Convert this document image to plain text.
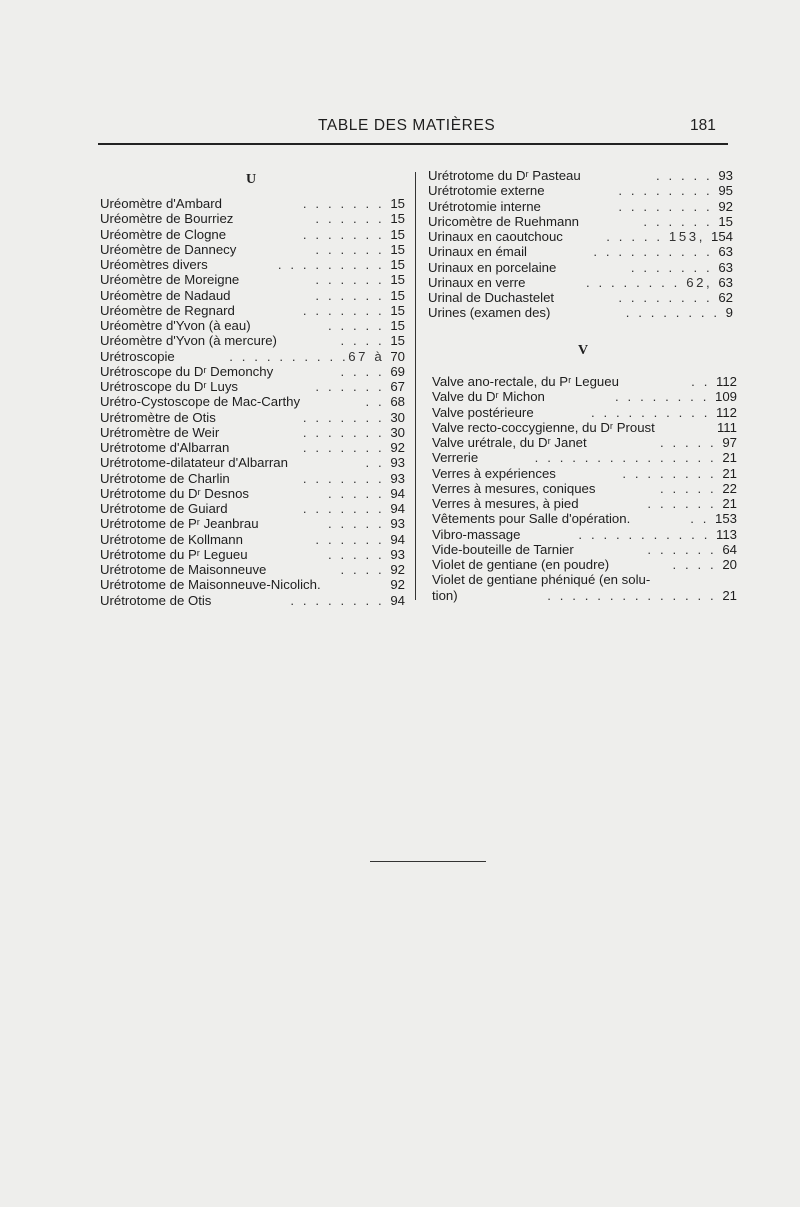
TABLE DES MATIÈRES	181
U
Uréomètre d'Ambard	. . . . . . . 15
Uréomètre de Bourriez	. . . . . . 15
Uréomètre de Clogne	. . . . . . . 15
Uréomètre de Dannecy	. . . . . . 15
Uréomètres divers	. . . . . . . . . 15
Uréomètre de Moreigne	. . . . . . 15
Uréomètre de Nadaud	. . . . . . 15
Uréomètre de Regnard	. . . . . . . 15
Uréomètre d'Yvon (à eau)	. . . . . 15
Uréomètre d'Yvon (à mercure)	. . . . 15
Urétroscopie	. . . . . . . . . .67 à 70
Urétroscope du Dʳ Demonchy	. . . . 69
Urétroscope du Dʳ Luys	. . . . . . 67
Urétro-Cystoscope de Mac-Carthy	. . 68
Urétromètre de Otis	. . . . . . . 30
Urétromètre de Weir	. . . . . . . 30
Urétrotome d'Albarran	. . . . . . . 92
Urétrotome-dilatateur d'Albarran	. . 93
Urétrotome de Charlin	. . . . . . . 93
Urétrotome du Dʳ Desnos	. . . . . 94
Urétrotome de Guiard	. . . . . . . 94
Urétrotome de Pʳ Jeanbrau	. . . . . 93
Urétrotome de Kollmann	. . . . . . 94
Urétrotome du Pʳ Legueu	. . . . . 93
Urétrotome de Maisonneuve	. . . . 92
Urétrotome de Maisonneuve-Nicolich.	92
Urétrotome de Otis	. . . . . . . . 94
Urétrotome du Dʳ Pasteau	. . . . . 93
Urétrotomie externe	. . . . . . . . 95
Urétrotomie interne	. . . . . . . . 92
Uricomètre de Ruehmann	. . . . . . 15
Urinaux en caoutchouc	. . . . . 153, 154
Urinaux en émail	. . . . . . . . . . 63
Urinaux en porcelaine	. . . . . . . 63
Urinaux en verre	. . . . . . . . 62, 63
Urinal de Duchastelet	. . . . . . . . 62
Urines (examen des)	. . . . . . . . 9
V
Valve ano-rectale, du Pʳ Legueu	. . 112
Valve du Dʳ Michon	. . . . . . . . 109
Valve postérieure	. . . . . . . . . . 112
Valve recto-coccygienne, du Dʳ Proust	111
Valve urétrale, du Dʳ Janet	. . . . . 97
Verrerie	. . . . . . . . . . . . . . . 21
Verres à expériences	. . . . . . . . 21
Verres à mesures, coniques	. . . . . 22
Verres à mesures, à pied	. . . . . . 21
Vêtements pour Salle d'opération.	. . 153
Vibro-massage	. . . . . . . . . . . 113
Vide-bouteille de Tarnier	. . . . . . 64
Violet de gentiane (en poudre)	. . . . 20
Violet de gentiane phéniqué (en solu-
tion)	. . . . . . . . . . . . . . 21
